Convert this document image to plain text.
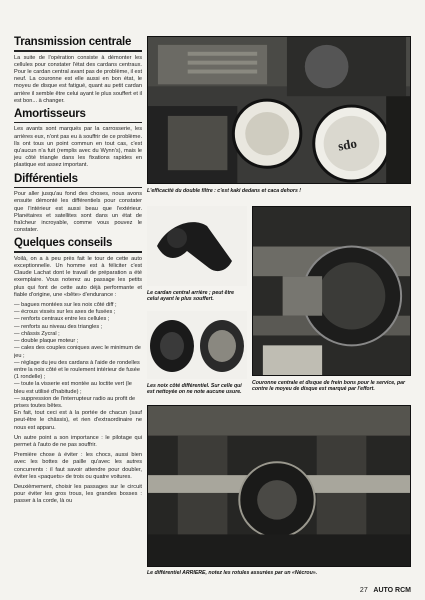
Transmission centrale
La suite de l'opération consiste à démonter les cellules pour constater l'état des cardans centraux. Pour le cardan central avant pas de problème, il est neuf. La couronne est elle aussi en bon état, le moyeu de disque est fatigué, quant au petit cardan arrière il semble être celui ayant le plus souffert et il est bon... à changer.
Amortisseurs
Les avants sont marqués par la carrosserie, les arrières eux, n'ont pas eu à souffrir de ce problème. Ils ont tous un point commun en tout cas, c'est qu'aucun n'a fuit (remplis avec du Wynn's), mais le jeu côté triangle dans les fixations rapides en plastique est assez important.
Différentiels
Pour aller jusqu'au fond des choses, nous avons ensuite démonté les différentiels pour constater que l'intérieur est aussi beau que l'extérieur. Planétaires et satellites sont dans un état de fraîcheur incroyable, comme vous pouvez le constater.
Quelques conseils
Voilà, on a à peu près fait le tour de cette auto exceptionnelle. Un homme est à féliciter c'est Claude Lachat dont le travail de préparation a été exemplaire. Vous noterez au passage les petits plus qui font de cette auto déjà performante et fiable d'origine, une «bête» d'endurance :
— bagues montées sur les noix côté diff ;
— écrous vissés sur les axes de fusées ;
— renforts centraux entre les cellules ;
— renforts au niveau des triangles ;
— châssis Zycral ;
— double plaque moteur ;
— cales des couples coniques avec le minimum de jeu ;
— réglage du jeu des cardans à l'aide de rondelles entre la noix côté et le roulement intérieur de fusée (1 rondelle) ;
— toute la visserie est montée au loctite vert (le bleu est utilisé d'habitude) ;
— suppression de l'interrupteur radio au profit de prises toutes bêtes.
En fait, tout ceci est à la portée de chacun (sauf peut-être le châssis), et rien d'extraordinaire ne nous est apparu.
Un autre point a son importance : le pilotage qui permet à l'auto de ne pas souffrir.
Première chose à éviter : les chocs, aussi bien avec les bottes de paille qu'avec les autres concurrents : il faut savoir attendre pour doubler, éviter les «paquets» de trois ou quatre voitures.
Deuxièmement, choisir les passages sur le circuit pour éviter les gros trous, les grandes bosses : passer à la corde, là ou
sdo
L'efficacité du double filtre : c'est kaki dedans et caca dehors !
Le cardan central arrière ; peut être celui ayant le plus souffert.
Les noix côté différentiel. Sur celle qui est nettoyée on ne note aucune usure.
Couronne centrale et disque de frein bons pour le service, par contre le moyeu de disque est marqué par l'effort.
Le différentiel ARRIERE, notez les rotules assurées par un «Nécrou».
27 AUTO RCM
